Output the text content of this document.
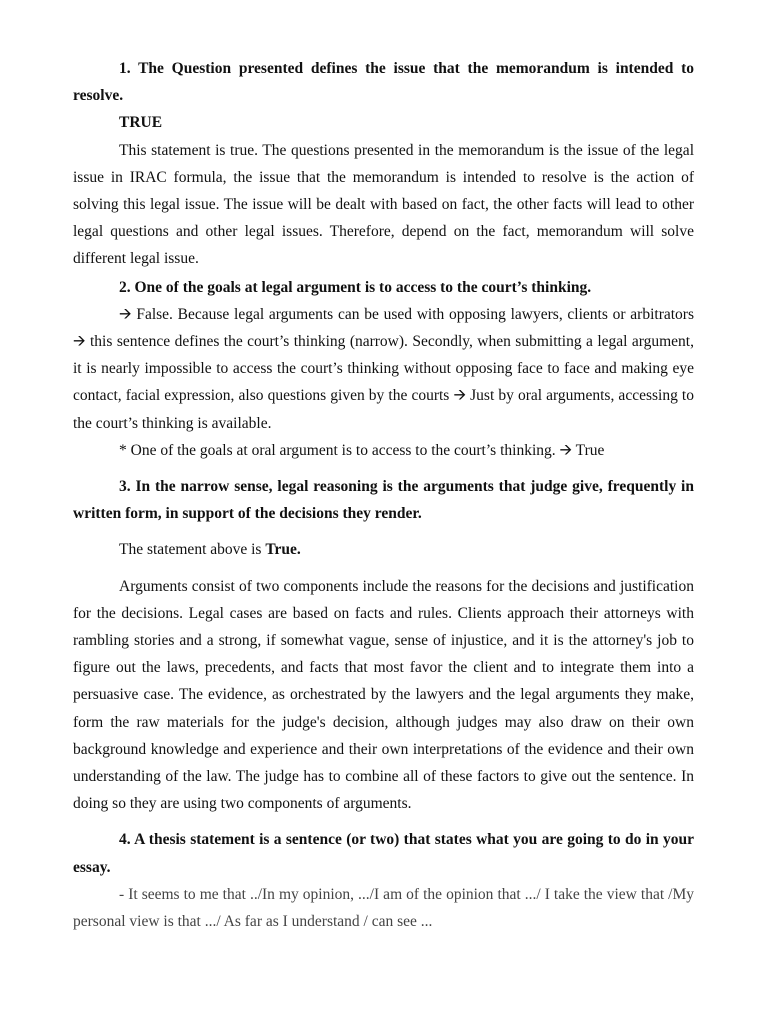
1. The Question presented defines the issue that the memorandum is intended to resolve.

TRUE

This statement is true. The questions presented in the memorandum is the issue of the legal issue in IRAC formula, the issue that the memorandum is intended to resolve is the action of solving this legal issue. The issue will be dealt with based on fact, the other facts will lead to other legal questions and other legal issues. Therefore, depend on the fact, memorandum will solve different legal issue.

2. One of the goals at legal argument is to access to the court’s thinking.

🡪 False. Because legal arguments can be used with opposing lawyers, clients or arbitrators 🡪 this sentence defines the court’s thinking (narrow). Secondly, when submitting a legal argument, it is nearly impossible to access the court’s thinking without opposing face to face and making eye contact, facial expression, also questions given by the courts 🡪 Just by oral arguments, accessing to the court’s thinking is available.

* One of the goals at oral argument is to access to the court’s thinking. 🡪 True

3. In the narrow sense, legal reasoning is the arguments that judge give, frequently in written form, in support of the decisions they render.

The statement above is True.

Arguments consist of two components include the reasons for the decisions and justification for the decisions. Legal cases are based on facts and rules. Clients approach their attorneys with rambling stories and a strong, if somewhat vague, sense of injustice, and it is the attorney's job to figure out the laws, precedents, and facts that most favor the client and to integrate them into a persuasive case. The evidence, as orchestrated by the lawyers and the legal arguments they make, form the raw materials for the judge's decision, although judges may also draw on their own background knowledge and experience and their own interpretations of the evidence and their own understanding of the law. The judge has to combine all of these factors to give out the sentence. In doing so they are using two components of arguments.

4. A thesis statement is a sentence (or two) that states what you are going to do in your essay.

- It seems to me that ../In my opinion, .../I am of the opinion that .../ I take the view that /My personal view is that .../ As far as I understand / can see ...
